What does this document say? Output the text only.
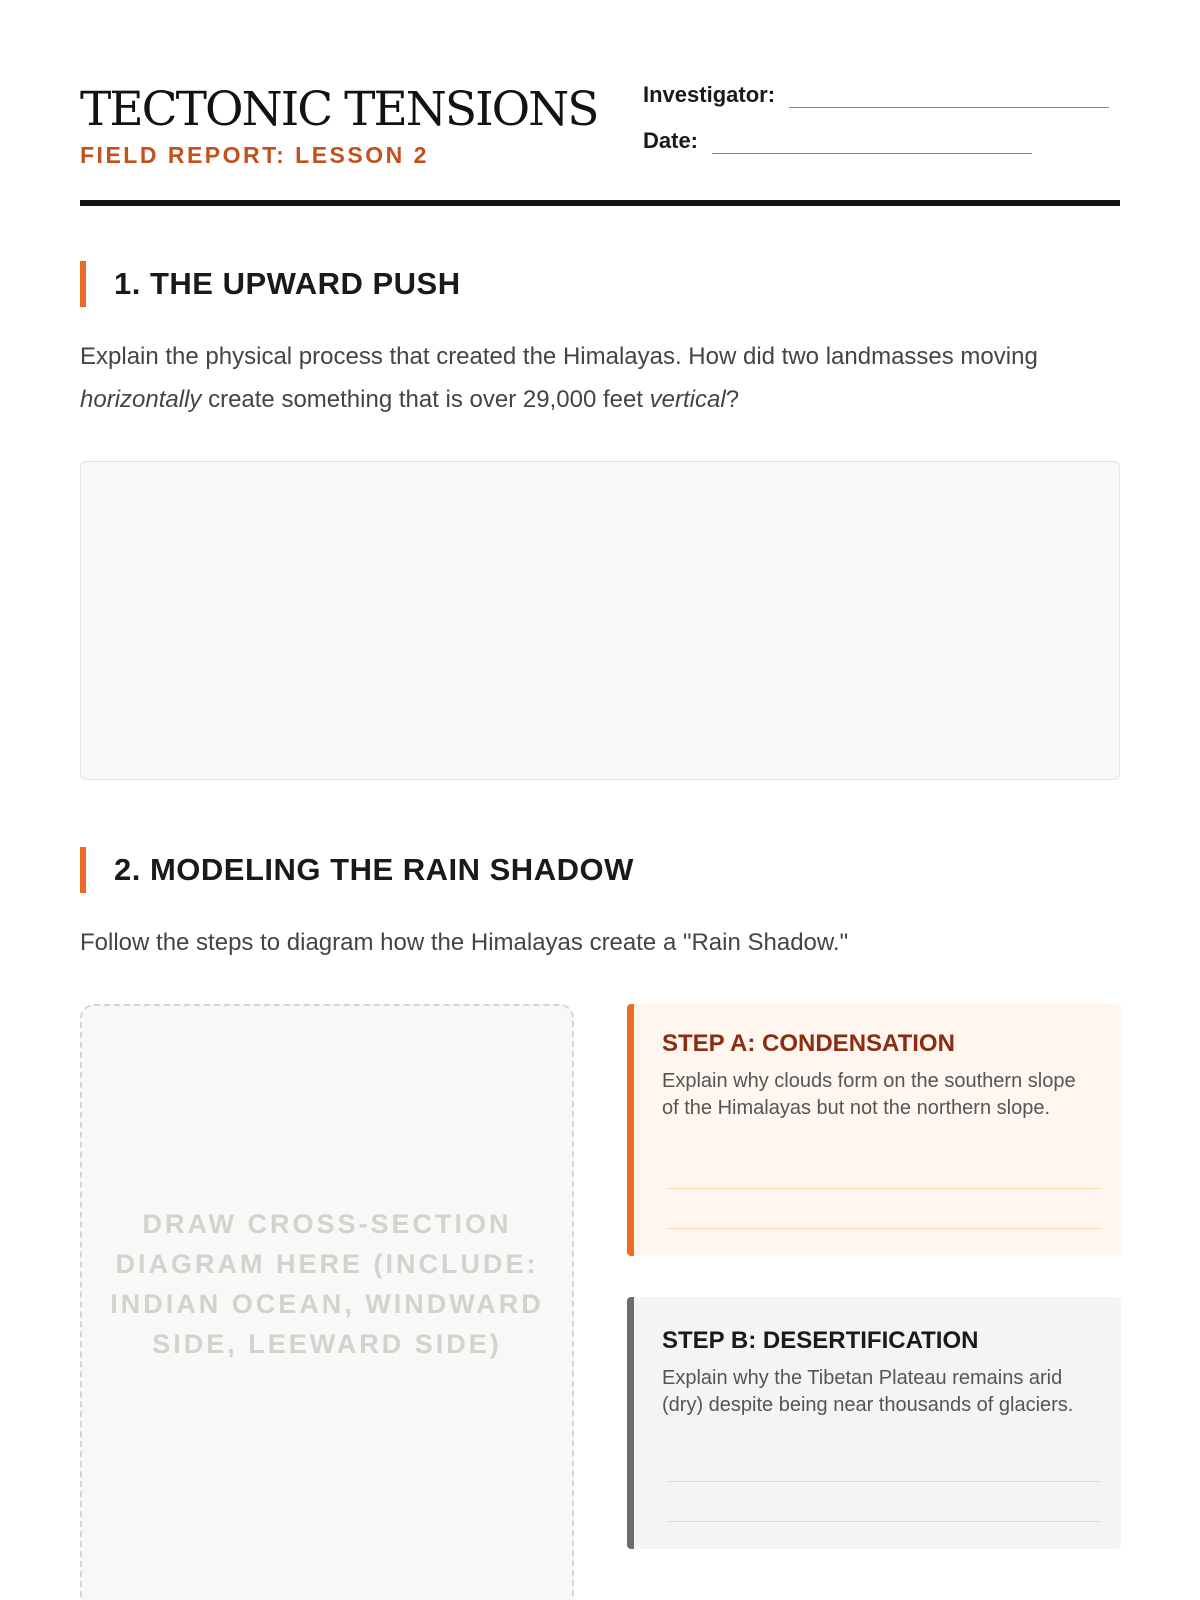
TECTONIC TENSIONS
FIELD REPORT: LESSON 2
Investigator:
Date:
1. THE UPWARD PUSH

Explain the physical process that created the Himalayas. How did two landmasses moving horizontally create something that is over 29,000 feet vertical?

2. MODELING THE RAIN SHADOW

Follow the steps to diagram how the Himalayas create a "Rain Shadow."

DRAW CROSS-SECTION DIAGRAM HERE (INCLUDE: INDIAN OCEAN, WINDWARD SIDE, LEEWARD SIDE)
STEP A: CONDENSATION
Explain why clouds form on the southern slope of the Himalayas but not the northern slope.
STEP B: DESERTIFICATION
Explain why the Tibetan Plateau remains arid (dry) despite being near thousands of glaciers.
